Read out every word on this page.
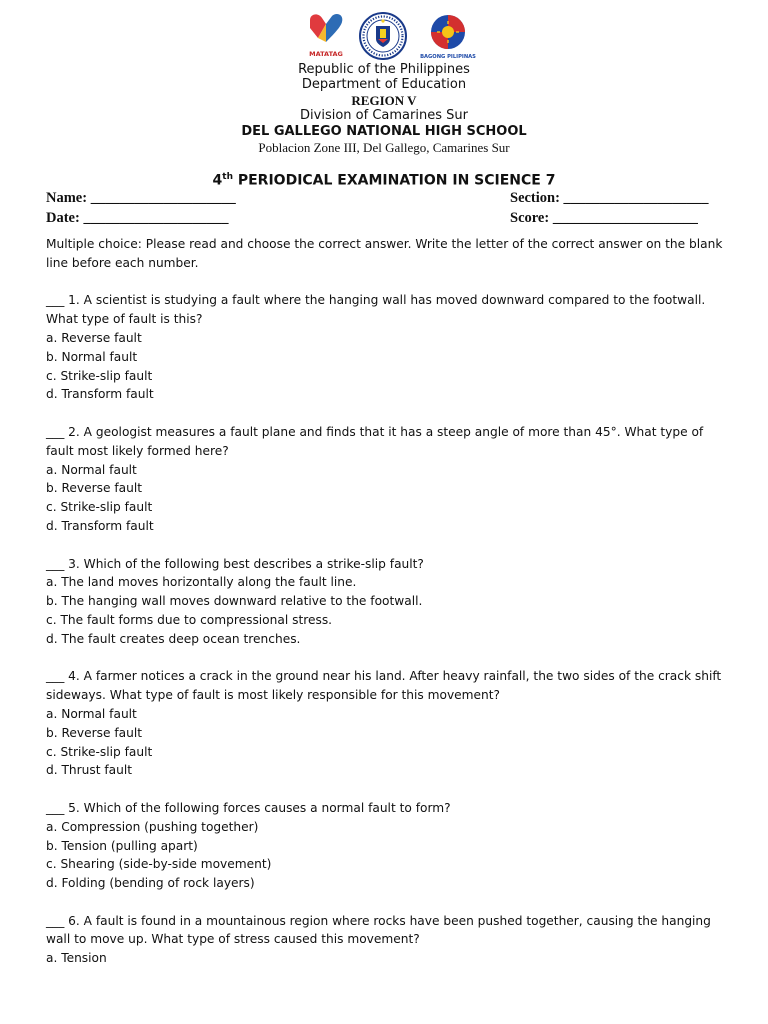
MATATAG	BAGONG PILIPINAS
Republic of the Philippines
Department of Education
REGION V
Division of Camarines Sur
DEL GALLEGO NATIONAL HIGH SCHOOL
Poblacion Zone III, Del Gallego, Camarines Sur
4th PERIODICAL EXAMINATION IN SCIENCE 7
Name: ____________________	Section: ____________________
Date: ____________________	Score: ____________________

Multiple choice: Please read and choose the correct answer. Write the letter of the correct answer on the blank line before each number.

___ 1. A scientist is studying a fault where the hanging wall has moved downward compared to the footwall. What type of fault is this?
a. Reverse fault
b. Normal fault
c. Strike-slip fault
d. Transform fault
___ 2. A geologist measures a fault plane and finds that it has a steep angle of more than 45°. What type of fault most likely formed here?
a. Normal fault
b. Reverse fault
c. Strike-slip fault
d. Transform fault
___ 3. Which of the following best describes a strike-slip fault?
a. The land moves horizontally along the fault line.
b. The hanging wall moves downward relative to the footwall.
c. The fault forms due to compressional stress.
d. The fault creates deep ocean trenches.
___ 4. A farmer notices a crack in the ground near his land. After heavy rainfall, the two sides of the crack shift sideways. What type of fault is most likely responsible for this movement?
a. Normal fault
b. Reverse fault
c. Strike-slip fault
d. Thrust fault
___ 5. Which of the following forces causes a normal fault to form?
a. Compression (pushing together)
b. Tension (pulling apart)
c. Shearing (side-by-side movement)
d. Folding (bending of rock layers)
___ 6. A fault is found in a mountainous region where rocks have been pushed together, causing the hanging wall to move up. What type of stress caused this movement?
a. Tension
